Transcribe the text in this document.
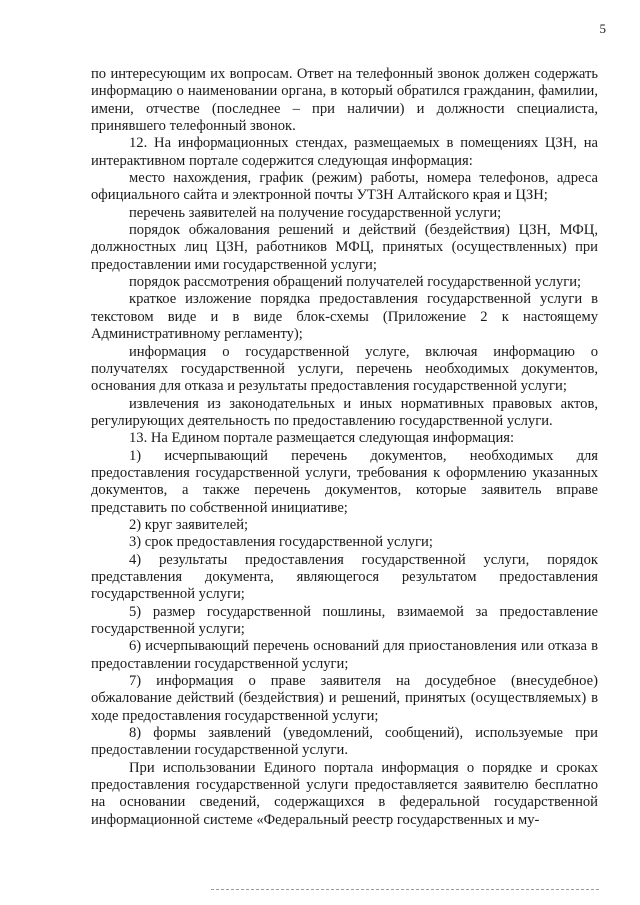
5

по интересующим их вопросам. Ответ на телефонный звонок должен содержать информацию о наименовании органа, в который обратился гражданин, фамилии, имени, отчестве (последнее – при наличии) и должности специалиста, принявшего телефонный звонок.

12. На информационных стендах, размещаемых в помещениях ЦЗН, на интерактивном портале содержится следующая информация:

место нахождения, график (режим) работы, номера телефонов, адреса официального сайта и электронной почты УТЗН Алтайского края и ЦЗН;

перечень заявителей на получение государственной услуги;

порядок обжалования решений и действий (бездействия) ЦЗН, МФЦ, должностных лиц ЦЗН, работников МФЦ, принятых (осуществленных) при предоставлении ими государственной услуги;

порядок рассмотрения обращений получателей государственной услуги;

краткое изложение порядка предоставления государственной услуги в текстовом виде и в виде блок-схемы (Приложение 2 к настоящему Административному регламенту);

информация о государственной услуге, включая информацию о получателях государственной услуги, перечень необходимых документов, основания для отказа и результаты предоставления государственной услуги;

извлечения из законодательных и иных нормативных правовых актов, регулирующих деятельность по предоставлению государственной услуги.

13. На Едином портале размещается следующая информация:

1) исчерпывающий перечень документов, необходимых для предоставления государственной услуги, требования к оформлению указанных документов, а также перечень документов, которые заявитель вправе представить по собственной инициативе;

2) круг заявителей;

3) срок предоставления государственной услуги;

4) результаты предоставления государственной услуги, порядок представления документа, являющегося результатом предоставления государственной услуги;

5) размер государственной пошлины, взимаемой за предоставление государственной услуги;

6) исчерпывающий перечень оснований для приостановления или отказа в предоставлении государственной услуги;

7) информация о праве заявителя на досудебное (внесудебное) обжалование действий (бездействия) и решений, принятых (осуществляемых) в ходе предоставления государственной услуги;

8) формы заявлений (уведомлений, сообщений), используемые при предоставлении государственной услуги.

При использовании Единого портала информация о порядке и сроках предоставления государственной услуги предоставляется заявителю бесплатно на основании сведений, содержащихся в федеральной государственной информационной системе «Федеральный реестр государственных и му-
